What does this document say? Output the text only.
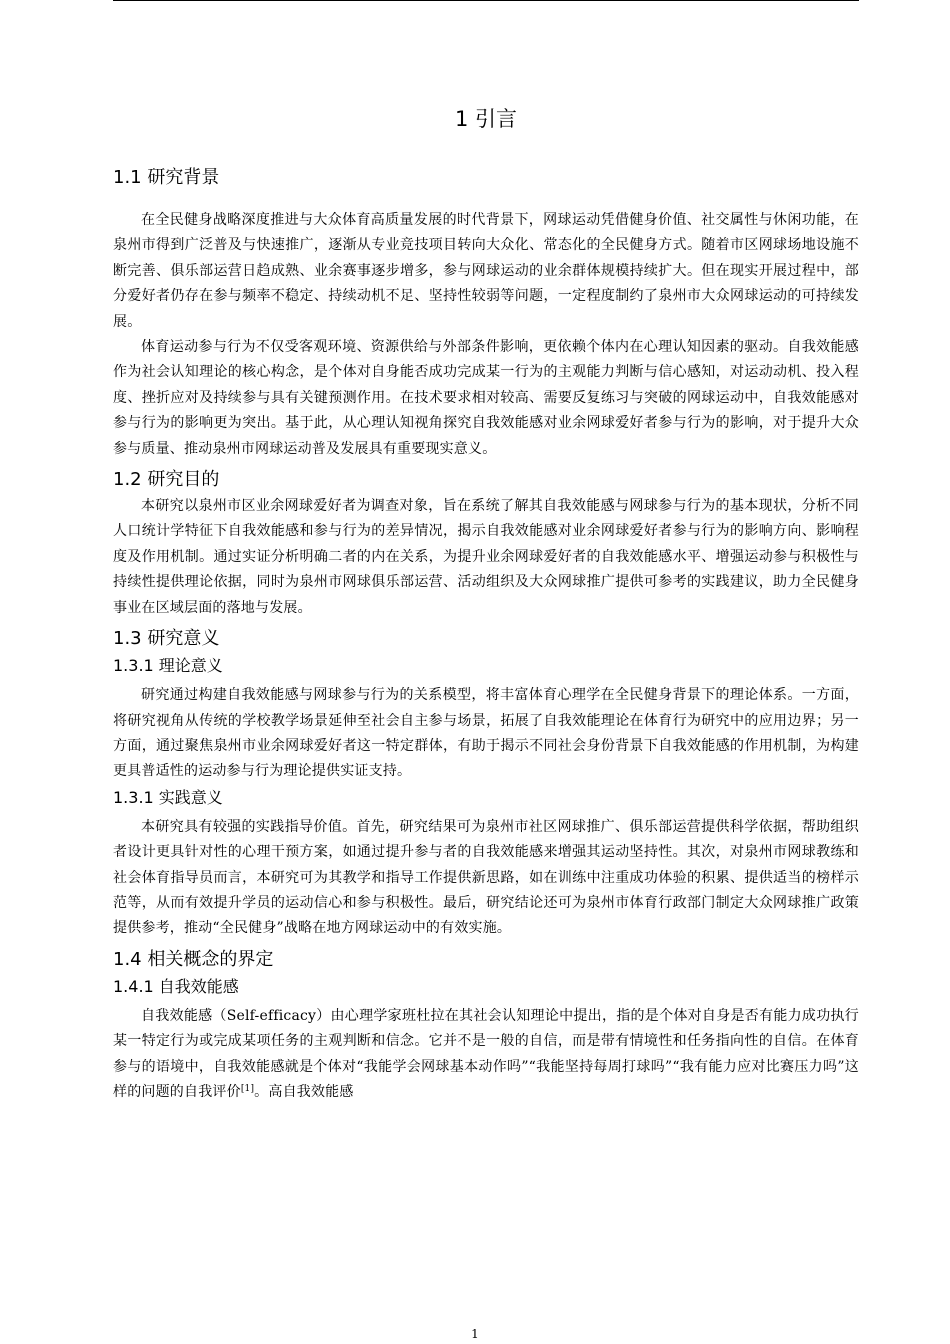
1 引言
1.1 研究背景

在全民健身战略深度推进与大众体育高质量发展的时代背景下，网球运动凭借健身价值、社交属性与休闲功能，在泉州市得到广泛普及与快速推广，逐渐从专业竞技项目转向大众化、常态化的全民健身方式。随着市区网球场地设施不断完善、俱乐部运营日趋成熟、业余赛事逐步增多，参与网球运动的业余群体规模持续扩大。但在现实开展过程中，部分爱好者仍存在参与频率不稳定、持续动机不足、坚持性较弱等问题，一定程度制约了泉州市大众网球运动的可持续发展。

体育运动参与行为不仅受客观环境、资源供给与外部条件影响，更依赖个体内在心理认知因素的驱动。自我效能感作为社会认知理论的核心构念，是个体对自身能否成功完成某一行为的主观能力判断与信心感知，对运动动机、投入程度、挫折应对及持续参与具有关键预测作用。在技术要求相对较高、需要反复练习与突破的网球运动中，自我效能感对参与行为的影响更为突出。基于此，从心理认知视角探究自我效能感对业余网球爱好者参与行为的影响，对于提升大众参与质量、推动泉州市网球运动普及发展具有重要现实意义。

1.2 研究目的

本研究以泉州市区业余网球爱好者为调查对象，旨在系统了解其自我效能感与网球参与行为的基本现状，分析不同人口统计学特征下自我效能感和参与行为的差异情况，揭示自我效能感对业余网球爱好者参与行为的影响方向、影响程度及作用机制。通过实证分析明确二者的内在关系，为提升业余网球爱好者的自我效能感水平、增强运动参与积极性与持续性提供理论依据，同时为泉州市网球俱乐部运营、活动组织及大众网球推广提供可参考的实践建议，助力全民健身事业在区域层面的落地与发展。

1.3 研究意义
1.3.1 理论意义

研究通过构建自我效能感与网球参与行为的关系模型，将丰富体育心理学在全民健身背景下的理论体系。一方面，将研究视角从传统的学校教学场景延伸至社会自主参与场景，拓展了自我效能理论在体育行为研究中的应用边界；另一方面，通过聚焦泉州市业余网球爱好者这一特定群体，有助于揭示不同社会身份背景下自我效能感的作用机制，为构建更具普适性的运动参与行为理论提供实证支持。

1.3.1 实践意义

本研究具有较强的实践指导价值。首先，研究结果可为泉州市社区网球推广、俱乐部运营提供科学依据，帮助组织者设计更具针对性的心理干预方案，如通过提升参与者的自我效能感来增强其运动坚持性。其次，对泉州市网球教练和社会体育指导员而言，本研究可为其教学和指导工作提供新思路，如在训练中注重成功体验的积累、提供适当的榜样示范等，从而有效提升学员的运动信心和参与积极性。最后，研究结论还可为泉州市体育行政部门制定大众网球推广政策提供参考，推动“全民健身”战略在地方网球运动中的有效实施。

1.4 相关概念的界定
1.4.1 自我效能感

自我效能感（Self-efficacy）由心理学家班杜拉在其社会认知理论中提出，指的是个体对自身是否有能力成功执行某一特定行为或完成某项任务的主观判断和信念。它并不是一般的自信，而是带有情境性和任务指向性的自信。在体育参与的语境中，自我效能感就是个体对“我能学会网球基本动作吗”“我能坚持每周打球吗”“我有能力应对比赛压力吗”这样的问题的自我评价[1]。高自我效能感

1
